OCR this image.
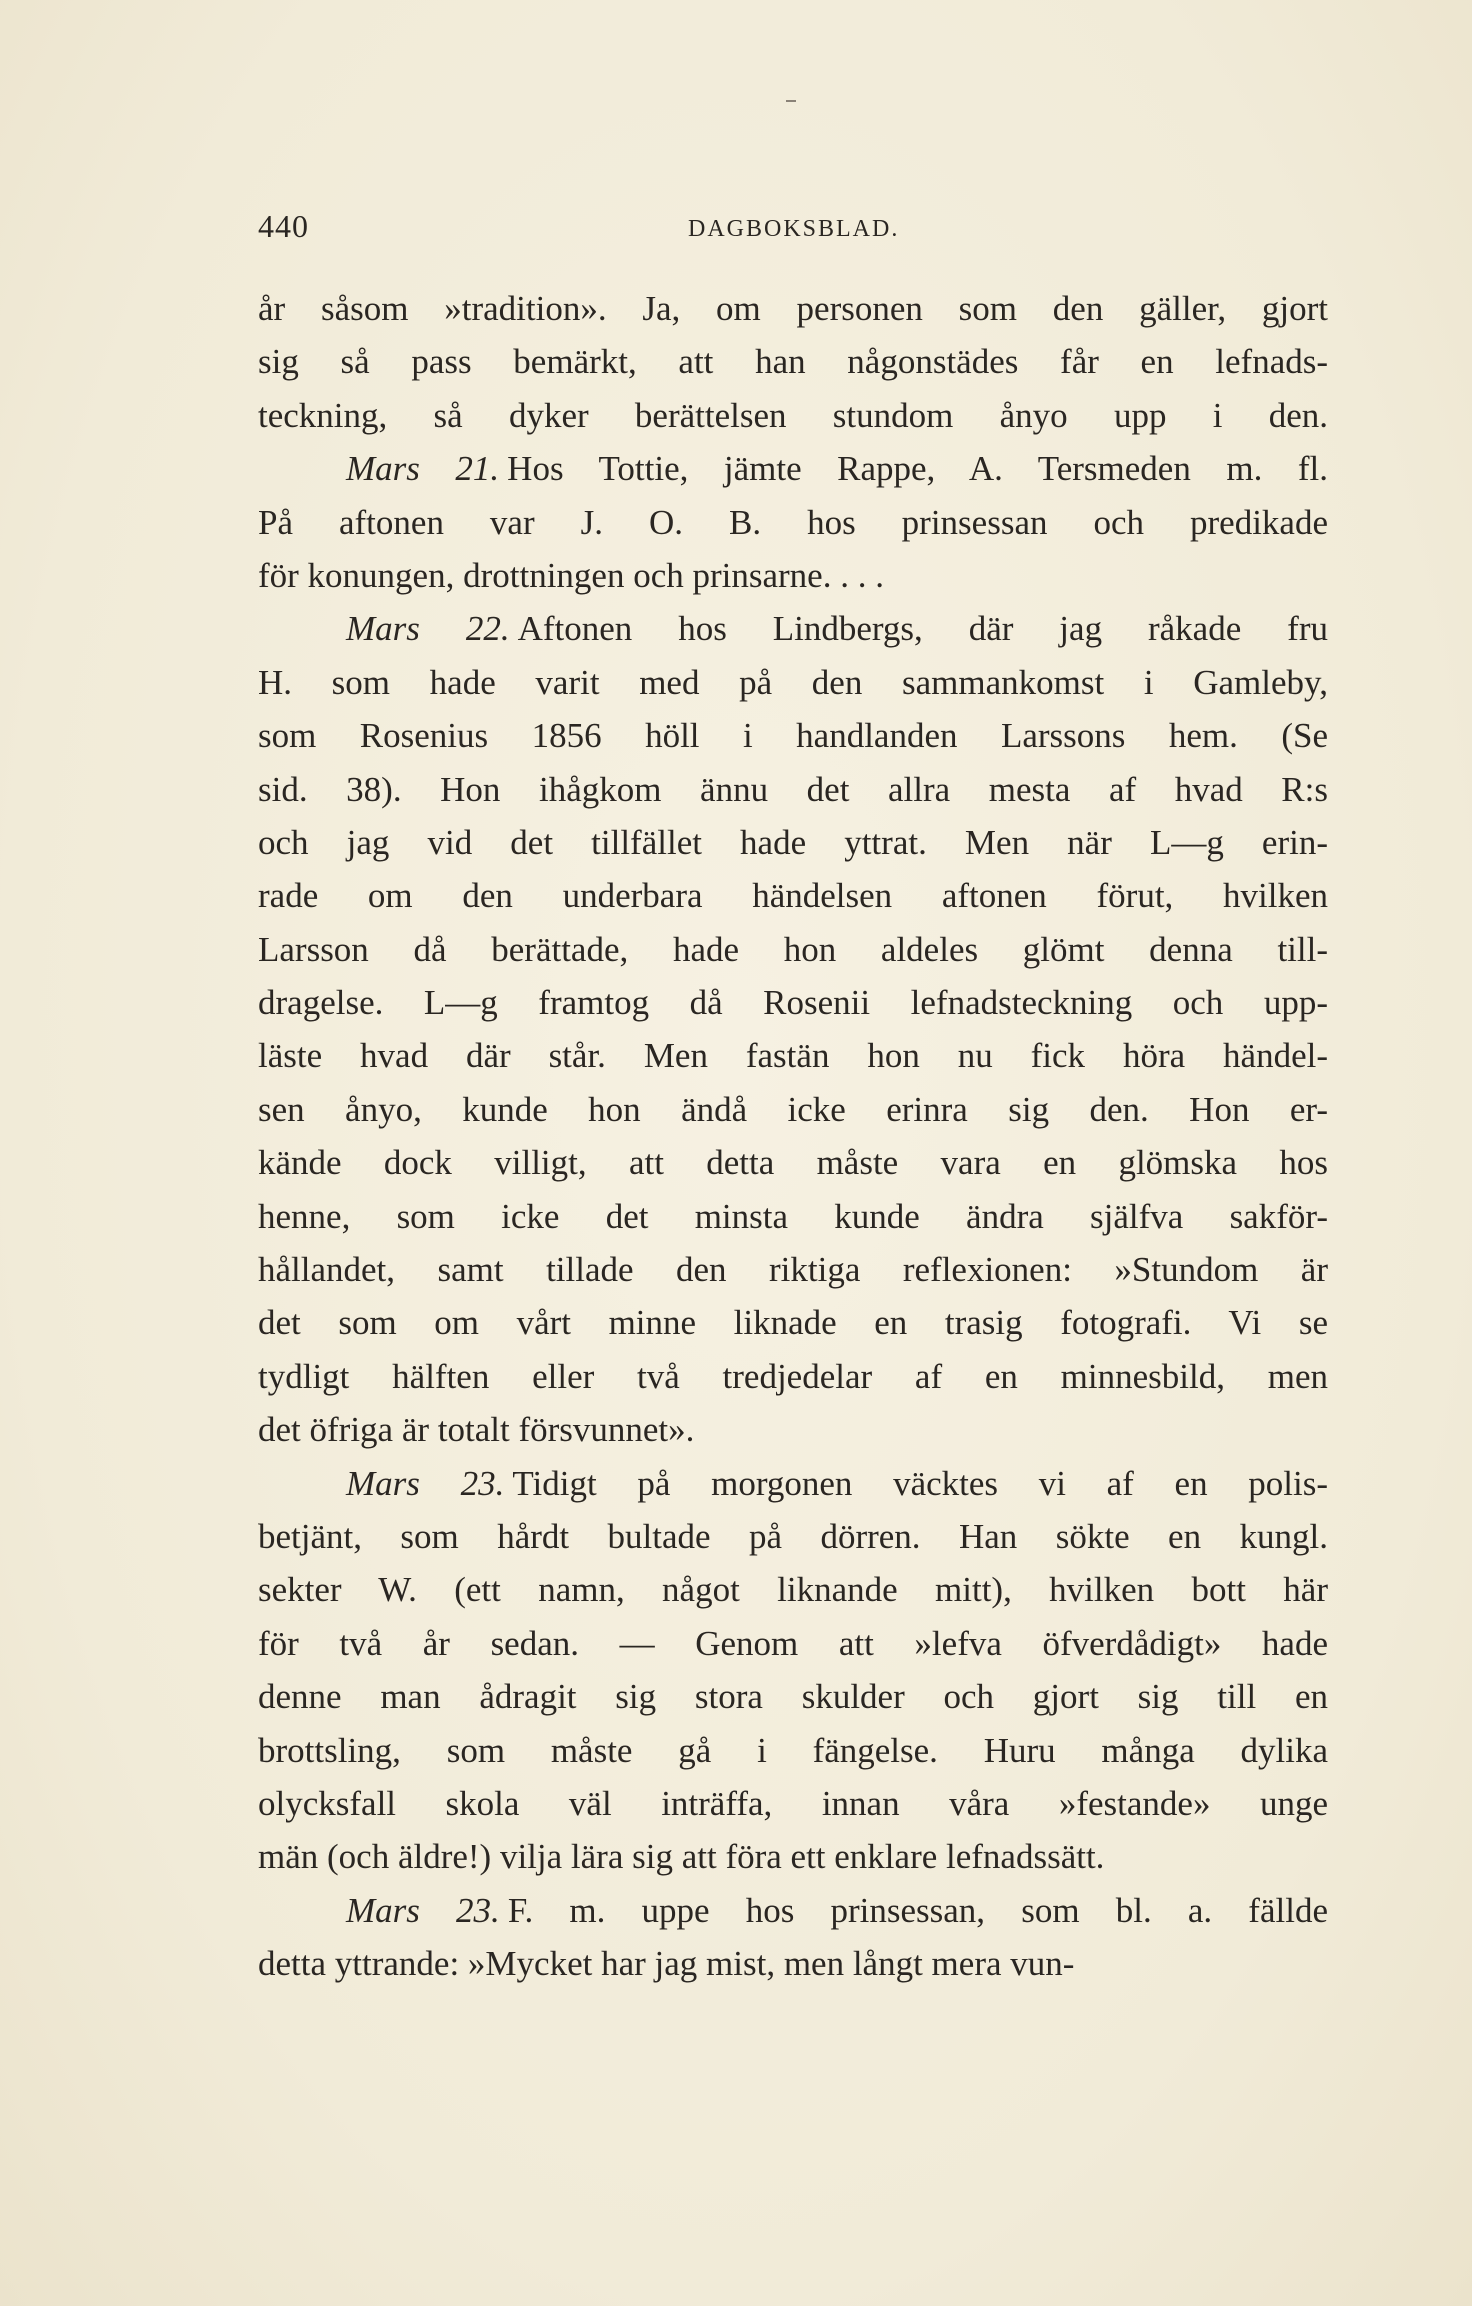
440	DAGBOKSBLAD.
år såsom »tradition». Ja, om personen som den gäller, gjort
sig så pass bemärkt, att han någonstädes får en lefnads-
teckning, så dyker berättelsen stundom ånyo upp i den.
Mars 21. Hos Tottie, jämte Rappe, A. Tersmeden m. fl.
På aftonen var J. O. B. hos prinsessan och predikade
för konungen, drottningen och prinsarne. . . .
Mars 22. Aftonen hos Lindbergs, där jag råkade fru
H. som hade varit med på den sammankomst i Gamleby,
som Rosenius 1856 höll i handlanden Larssons hem. (Se
sid. 38). Hon ihågkom ännu det allra mesta af hvad R:s
och jag vid det tillfället hade yttrat. Men när L—g erin-
rade om den underbara händelsen aftonen förut, hvilken
Larsson då berättade, hade hon aldeles glömt denna till-
dragelse. L—g framtog då Rosenii lefnadsteckning och upp-
läste hvad där står. Men fastän hon nu fick höra händel-
sen ånyo, kunde hon ändå icke erinra sig den. Hon er-
kände dock villigt, att detta måste vara en glömska hos
henne, som icke det minsta kunde ändra själfva sakför-
hållandet, samt tillade den riktiga reflexionen: »Stundom är
det som om vårt minne liknade en trasig fotografi. Vi se
tydligt hälften eller två tredjedelar af en minnesbild, men
det öfriga är totalt försvunnet».
Mars 23. Tidigt på morgonen väcktes vi af en polis-
betjänt, som hårdt bultade på dörren. Han sökte en kungl.
sekter W. (ett namn, något liknande mitt), hvilken bott här
för två år sedan. — Genom att »lefva öfverdådigt» hade
denne man ådragit sig stora skulder och gjort sig till en
brottsling, som måste gå i fängelse. Huru många dylika
olycksfall skola väl inträffa, innan våra »festande» unge
män (och äldre!) vilja lära sig att föra ett enklare lefnadssätt.
Mars 23. F. m. uppe hos prinsessan, som bl. a. fällde
detta yttrande: »Mycket har jag mist, men långt mera vun-
